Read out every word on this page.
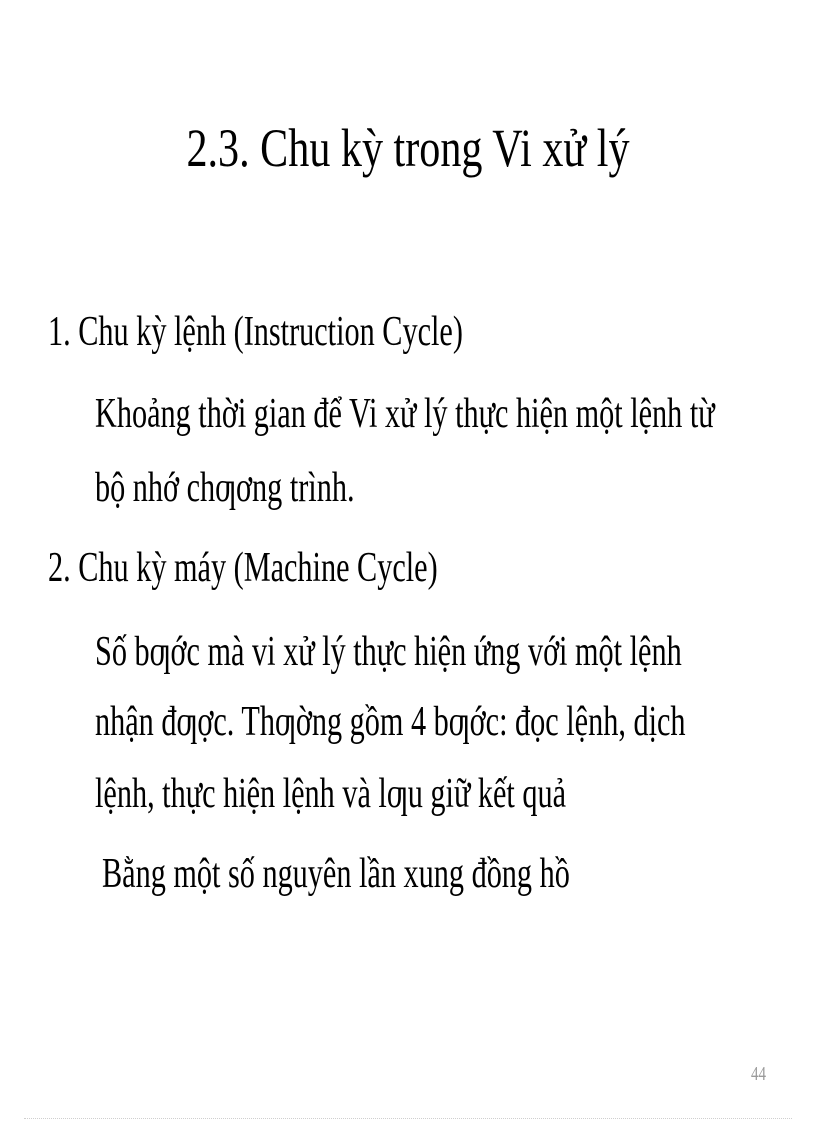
2.3. Chu kỳ trong Vi xử lý
1. Chu kỳ lệnh (Instruction Cycle)
Khoảng thời gian để Vi xử lý thực hiện một lệnh từ
bộ nhớ chƣơng trình.
2. Chu kỳ máy (Machine Cycle)
Số bƣớc mà vi xử lý thực hiện ứng với một lệnh
nhận đƣợc. Thƣờng gồm 4 bƣớc: đọc lệnh, dịch
lệnh, thực hiện lệnh và lƣu giữ kết quả
Bằng một số nguyên lần xung đồng hồ
44
